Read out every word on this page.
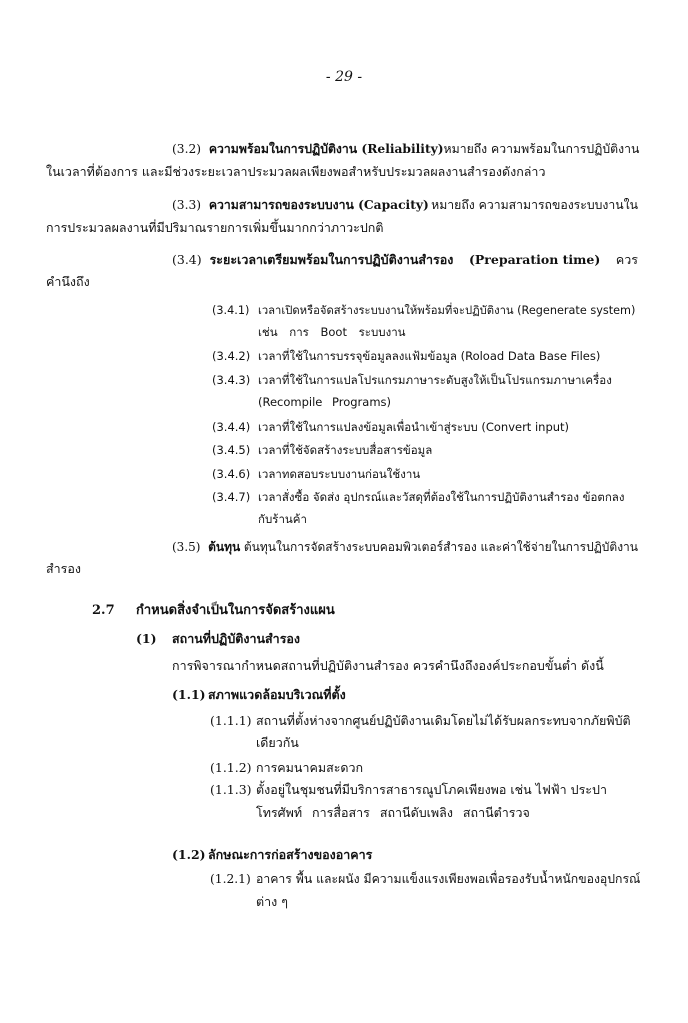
- 29 -
(3.2) ความพร้อมในการปฏิบัติงาน (Reliability) หมายถึง ความพร้อมในการปฏิบัติงาน
ในเวลาที่ต้องการ และมีช่วงระยะเวลาประมวลผลเพียงพอสำหรับประมวลผลงานสำรองดังกล่าว
(3.3) ความสามารถของระบบงาน (Capacity) หมายถึง ความสามารถของระบบงานใน
การประมวลผลงานที่มีปริมาณรายการเพิ่มขึ้นมากกว่าภาวะปกติ
(3.4) ระยะเวลาเตรียมพร้อมในการปฏิบัติงานสำรอง (Preparation time) ควร
คำนึงถึง
(3.4.1) เวลาเปิดหรือจัดสร้างระบบงานให้พร้อมที่จะปฏิบัติงาน (Regenerate system)
เช่น การ Boot ระบบงาน
(3.4.2) เวลาที่ใช้ในการบรรจุข้อมูลลงแฟ้มข้อมูล (Roload Data Base Files)
(3.4.3) เวลาที่ใช้ในการแปลโปรแกรมภาษาระดับสูงให้เป็นโปรแกรมภาษาเครื่อง
(Recompile Programs)
(3.4.4) เวลาที่ใช้ในการแปลงข้อมูลเพื่อนำเข้าสู่ระบบ (Convert input)
(3.4.5) เวลาที่ใช้จัดสร้างระบบสื่อสารข้อมูล
(3.4.6) เวลาทดสอบระบบงานก่อนใช้งาน
(3.4.7) เวลาสั่งซื้อ จัดส่ง อุปกรณ์และวัสดุที่ต้องใช้ในการปฏิบัติงานสำรอง ข้อตกลง
กับร้านค้า
(3.5) ต้นทุน ต้นทุนในการจัดสร้างระบบคอมพิวเตอร์สำรอง และค่าใช้จ่ายในการปฏิบัติงาน
สำรอง
2.7 กำหนดสิ่งจำเป็นในการจัดสร้างแผน
(1) สถานที่ปฏิบัติงานสำรอง
การพิจารณากำหนดสถานที่ปฏิบัติงานสำรอง ควรคำนึงถึงองค์ประกอบขั้นต่ำ ดังนี้
(1.1) สภาพแวดล้อมบริเวณที่ตั้ง
(1.1.1) สถานที่ตั้งห่างจากศูนย์ปฏิบัติงานเดิมโดยไม่ได้รับผลกระทบจากภัยพิบัติ
เดียวกัน
(1.1.2) การคมนาคมสะดวก
(1.1.3) ตั้งอยู่ในชุมชนที่มีบริการสาธารณูปโภคเพียงพอ เช่น ไฟฟ้า ประปา
โทรศัพท์ การสื่อสาร สถานีดับเพลิง สถานีตำรวจ
(1.2) ลักษณะการก่อสร้างของอาคาร
(1.2.1) อาคาร พื้น และผนัง มีความแข็งแรงเพียงพอเพื่อรองรับน้ำหนักของอุปกรณ์
ต่าง ๆ
